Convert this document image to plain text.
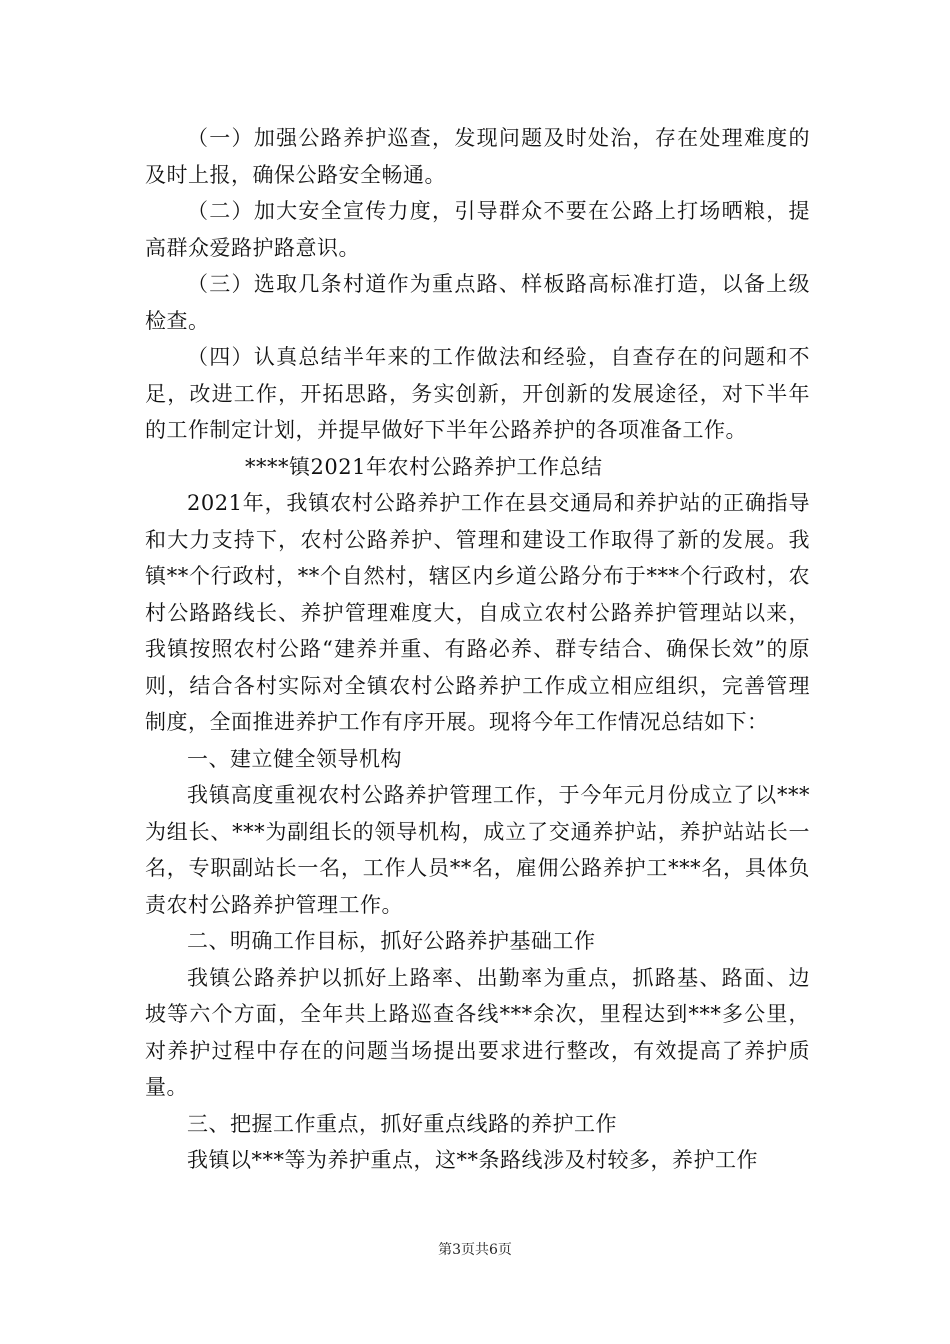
（一）加强公路养护巡查，发现问题及时处治，存在处理难度的及时上报，确保公路安全畅通。

（二）加大安全宣传力度，引导群众不要在公路上打场晒粮，提高群众爱路护路意识。

（三）选取几条村道作为重点路、样板路高标准打造，以备上级检查。

（四）认真总结半年来的工作做法和经验，自查存在的问题和不足，改进工作，开拓思路，务实创新，开创新的发展途径，对下半年的工作制定计划，并提早做好下半年公路养护的各项准备工作。

****镇2021年农村公路养护工作总结

2021年，我镇农村公路养护工作在县交通局和养护站的正确指导和大力支持下，农村公路养护、管理和建设工作取得了新的发展。我镇**个行政村，**个自然村，辖区内乡道公路分布于***个行政村，农村公路路线长、养护管理难度大，自成立农村公路养护管理站以来，我镇按照农村公路“建养并重、有路必养、群专结合、确保长效”的原则，结合各村实际对全镇农村公路养护工作成立相应组织，完善管理制度，全面推进养护工作有序开展。现将今年工作情况总结如下：

一、建立健全领导机构

我镇高度重视农村公路养护管理工作，于今年元月份成立了以***为组长、***为副组长的领导机构，成立了交通养护站，养护站站长一名，专职副站长一名，工作人员**名，雇佣公路养护工***名，具体负责农村公路养护管理工作。

二、明确工作目标，抓好公路养护基础工作

我镇公路养护以抓好上路率、出勤率为重点，抓路基、路面、边坡等六个方面，全年共上路巡查各线***余次，里程达到***多公里，对养护过程中存在的问题当场提出要求进行整改，有效提高了养护质量。

三、把握工作重点，抓好重点线路的养护工作

我镇以***等为养护重点，这**条路线涉及村较多，养护工作

第3页共6页
